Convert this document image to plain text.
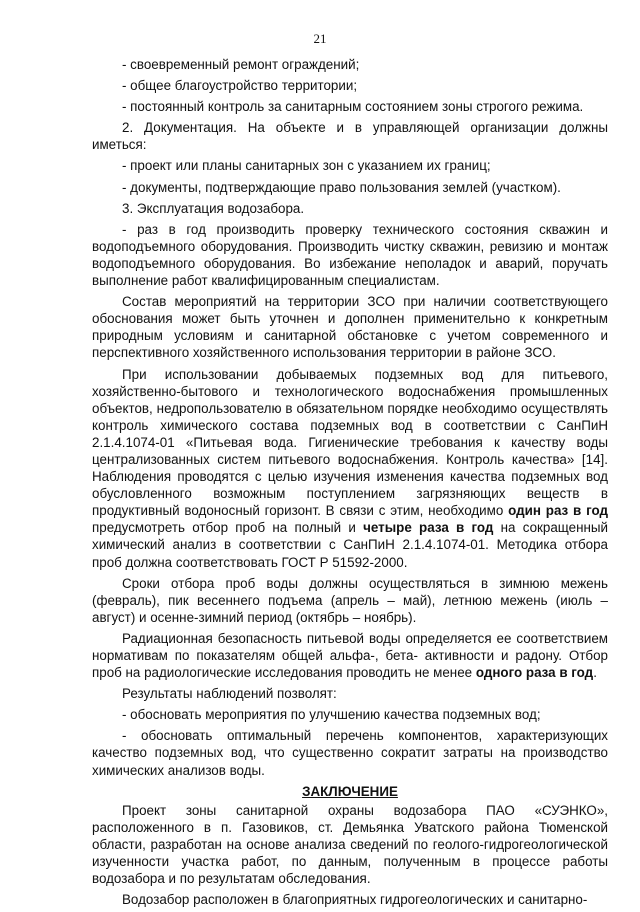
21

- своевременный ремонт ограждений;

- общее благоустройство территории;

- постоянный контроль за санитарным состоянием зоны строгого режима.

2. Документация. На объекте и в управляющей организации должны иметься:

- проект или планы санитарных зон с указанием их границ;

- документы, подтверждающие право пользования землей (участком).

3. Эксплуатация водозабора.

- раз в год производить проверку технического состояния скважин и водоподъемного оборудования. Производить чистку скважин, ревизию и монтаж водоподъемного оборудования. Во избежание неполадок и аварий, поручать выполнение работ квалифицированным специалистам.

Состав мероприятий на территории ЗСО при наличии соответствующего обоснования может быть уточнен и дополнен применительно к конкретным природным условиям и санитарной обстановке с учетом современного и перспективного хозяйственного использования территории в районе ЗСО.

При использовании добываемых подземных вод для питьевого, хозяйственно-бытового и технологического водоснабжения промышленных объектов, недропользователю в обязательном порядке необходимо осуществлять контроль химического состава подземных вод в соответствии с СанПиН 2.1.4.1074-01 «Питьевая вода. Гигиенические требования к качеству воды централизованных систем питьевого водоснабжения. Контроль качества» [14]. Наблюдения проводятся с целью изучения изменения качества подземных вод обусловленного возможным поступлением загрязняющих веществ в продуктивный водоносный горизонт. В связи с этим, необходимо один раз в год предусмотреть отбор проб на полный и четыре раза в год на сокращенный химический анализ в соответствии с СанПиН 2.1.4.1074-01. Методика отбора проб должна соответствовать ГОСТ Р 51592-2000.

Сроки отбора проб воды должны осуществляться в зимнюю межень (февраль), пик весеннего подъема (апрель – май), летнюю межень (июль – август) и осенне-зимний период (октябрь – ноябрь).

Радиационная безопасность питьевой воды определяется ее соответствием нормативам по показателям общей альфа-, бета- активности и радону. Отбор проб на радиологические исследования проводить не менее одного раза в год.

Результаты наблюдений позволят:

- обосновать мероприятия по улучшению качества подземных вод;

- обосновать оптимальный перечень компонентов, характеризующих качество подземных вод, что существенно сократит затраты на производство химических анализов воды.

ЗАКЛЮЧЕНИЕ

Проект зоны санитарной охраны водозабора ПАО «СУЭНКО», расположенного в п. Газовиков, ст. Демьянка Уватского района Тюменской области, разработан на основе анализа сведений по геолого-гидрогеологической изученности участка работ, по данным, полученным в процессе работы водозабора и по результатам обследования.

Водозабор расположен в благоприятных гидрогеологических и санитарно-
